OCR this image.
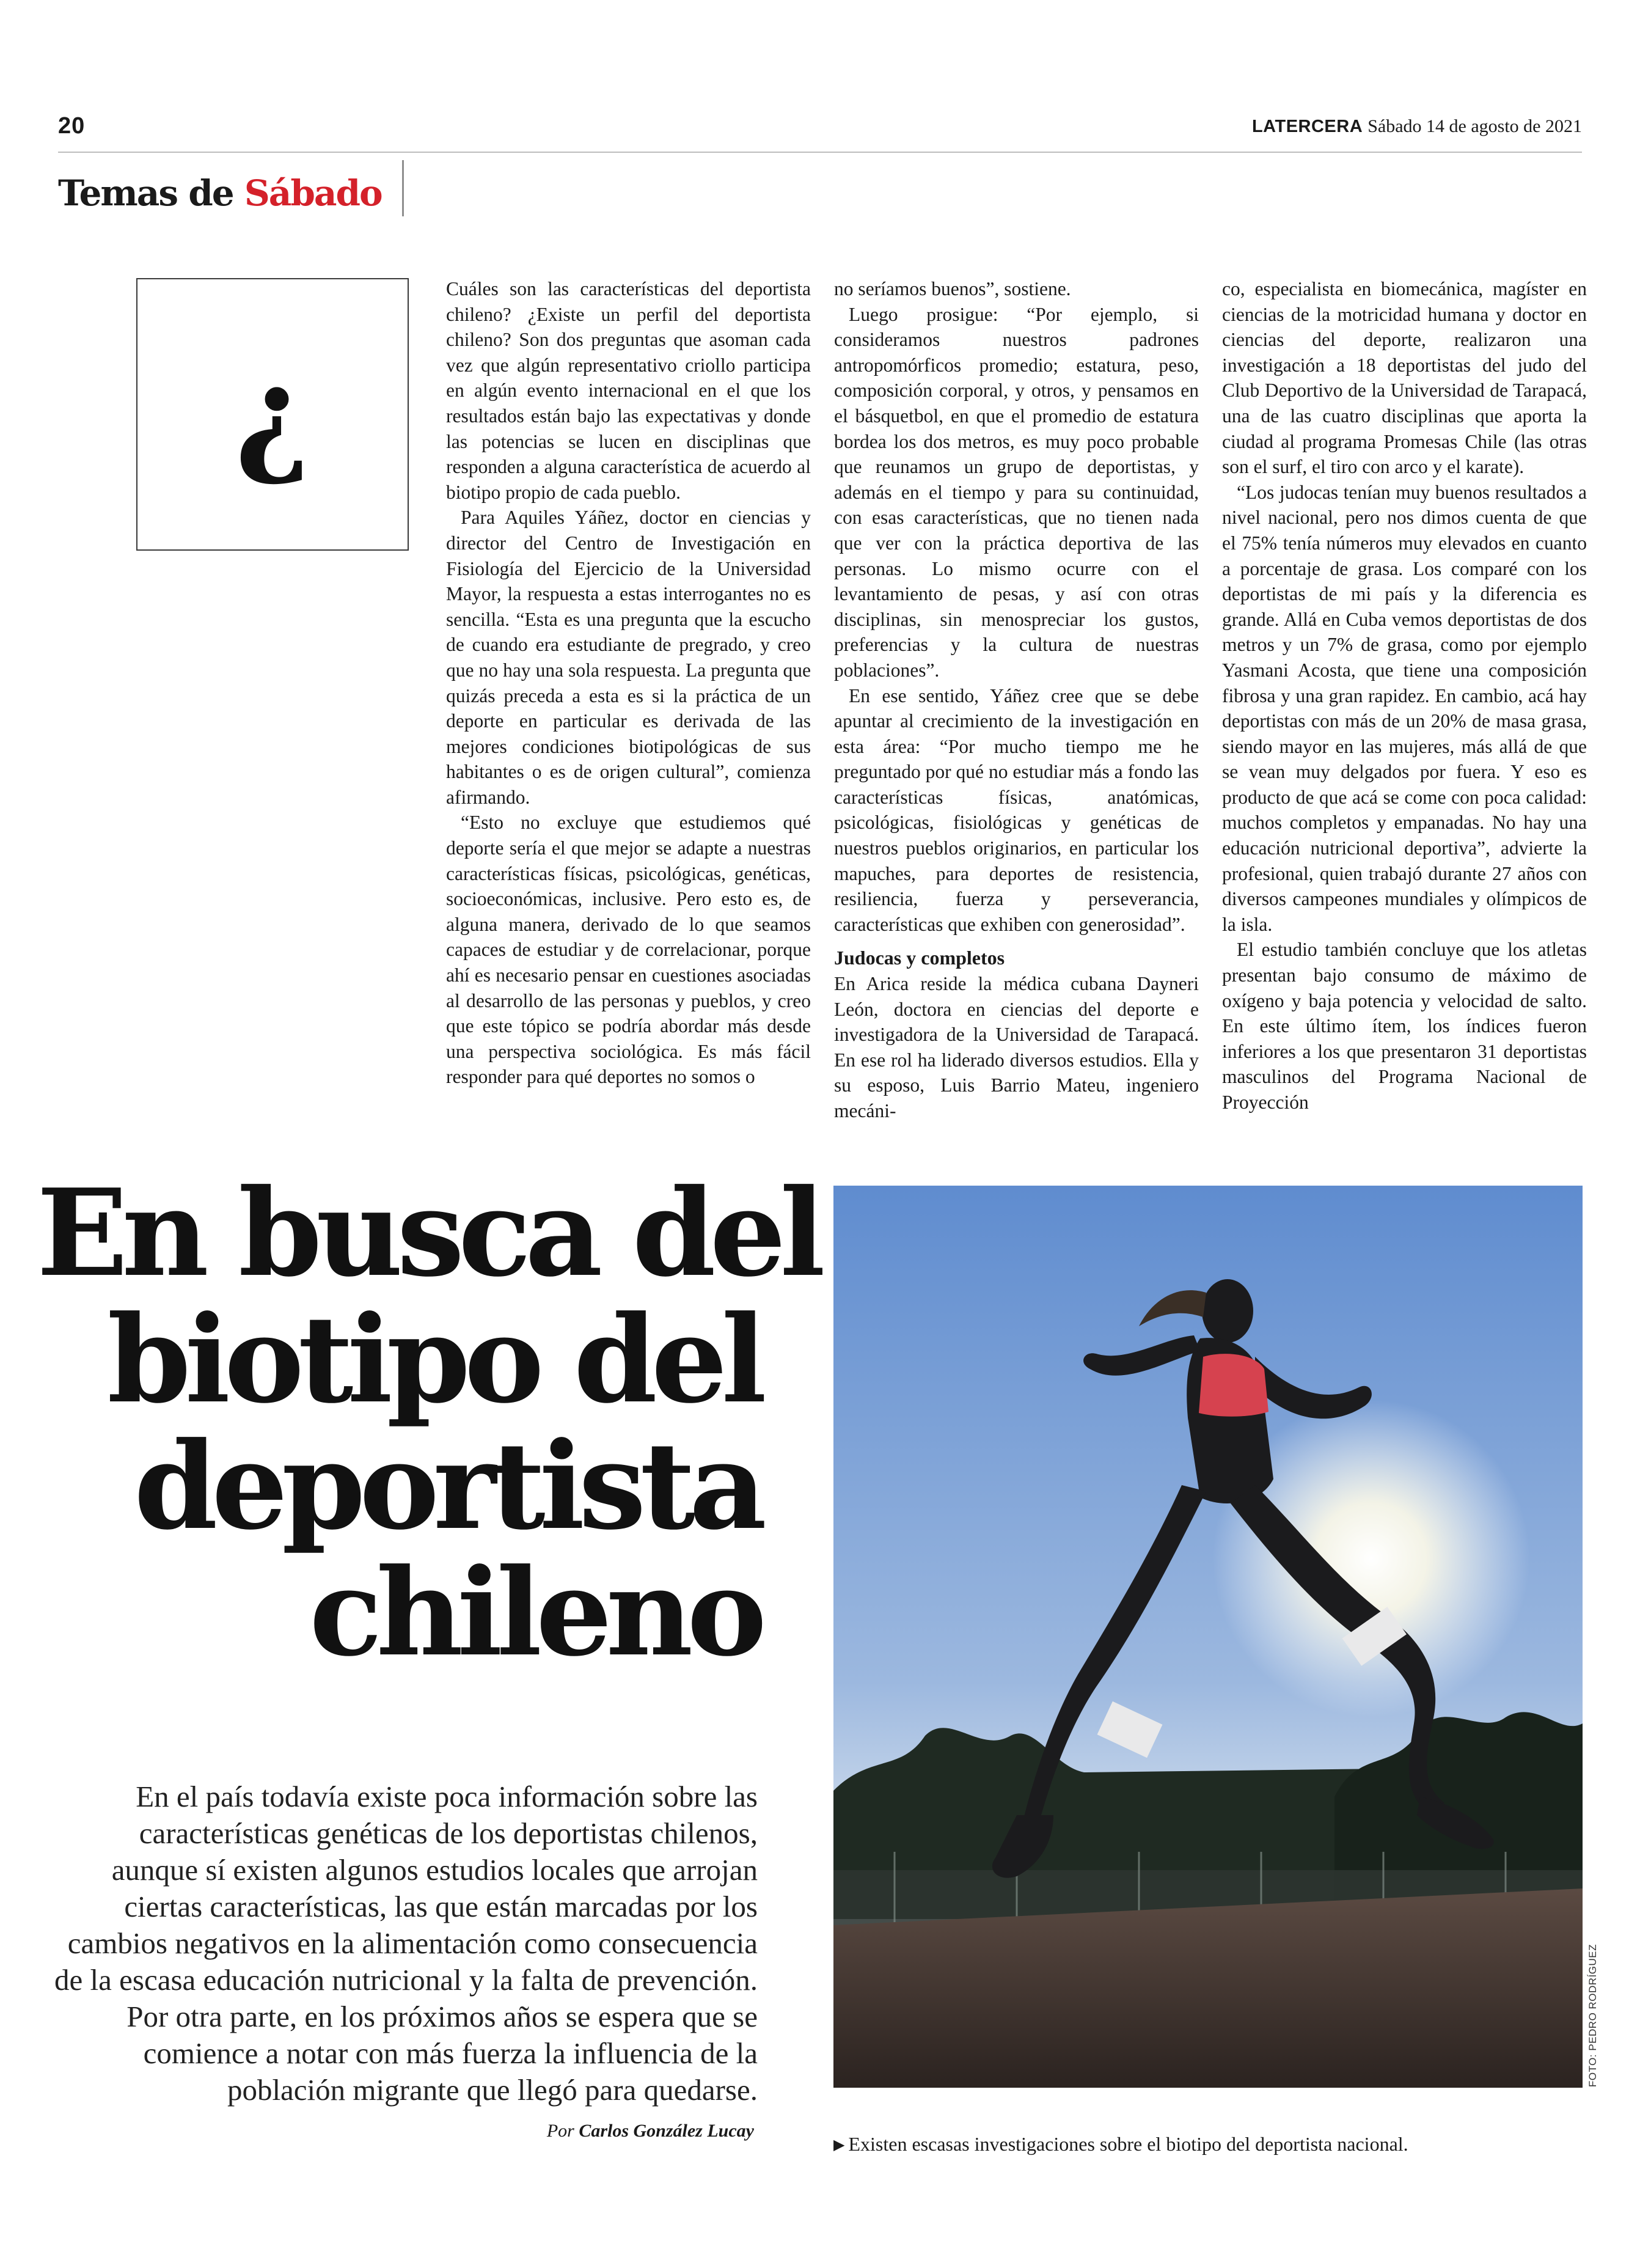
20	LATERCERA Sábado 14 de agosto de 2021
Temas de Sábado
¿

Cuáles son las características del deportista chileno? ¿Existe un perfil del deportista chileno? Son dos preguntas que asoman cada vez que algún representativo criollo participa en algún evento internacional en el que los resultados están bajo las expectativas y donde las potencias se lucen en disciplinas que responden a alguna característica de acuerdo al biotipo propio de cada pueblo.

Para Aquiles Yáñez, doctor en ciencias y director del Centro de Investigación en Fisiología del Ejercicio de la Universidad Mayor, la respuesta a estas interrogantes no es sencilla. “Esta es una pregunta que la escucho de cuando era estudiante de pregrado, y creo que no hay una sola respuesta. La pregunta que quizás preceda a esta es si la práctica de un deporte en particular es derivada de las mejores condiciones biotipológicas de sus habitantes o es de origen cultural”, comienza afirmando.

“Esto no excluye que estudiemos qué deporte sería el que mejor se adapte a nuestras características físicas, psicológicas, genéticas, socioeconómicas, inclusive. Pero esto es, de alguna manera, derivado de lo que seamos capaces de estudiar y de correlacionar, porque ahí es necesario pensar en cuestiones asociadas al desarrollo de las personas y pueblos, y creo que este tópico se podría abordar más desde una perspectiva sociológica. Es más fácil responder para qué deportes no somos o

no seríamos buenos”, sostiene.

Luego prosigue: “Por ejemplo, si consideramos nuestros padrones antropomórficos promedio; estatura, peso, composición corporal, y otros, y pensamos en el básquetbol, en que el promedio de estatura bordea los dos metros, es muy poco probable que reunamos un grupo de deportistas, y además en el tiempo y para su continuidad, con esas características, que no tienen nada que ver con la práctica deportiva de las personas. Lo mismo ocurre con el levantamiento de pesas, y así con otras disciplinas, sin menospreciar los gustos, preferencias y la cultura de nuestras poblaciones”.

En ese sentido, Yáñez cree que se debe apuntar al crecimiento de la investigación en esta área: “Por mucho tiempo me he preguntado por qué no estudiar más a fondo las características físicas, anatómicas, psicológicas, fisiológicas y genéticas de nuestros pueblos originarios, en particular los mapuches, para deportes de resistencia, resiliencia, fuerza y perseverancia, características que exhiben con generosidad”.

Judocas y completos

En Arica reside la médica cubana Dayneri León, doctora en ciencias del deporte e investigadora de la Universidad de Tarapacá. En ese rol ha liderado diversos estudios. Ella y su esposo, Luis Barrio Mateu, ingeniero mecáni-

co, especialista en biomecánica, magíster en ciencias de la motricidad humana y doctor en ciencias del deporte, realizaron una investigación a 18 deportistas del judo del Club Deportivo de la Universidad de Tarapacá, una de las cuatro disciplinas que aporta la ciudad al programa Promesas Chile (las otras son el surf, el tiro con arco y el karate).

“Los judocas tenían muy buenos resultados a nivel nacional, pero nos dimos cuenta de que el 75% tenía números muy elevados en cuanto a porcentaje de grasa. Los comparé con los deportistas de mi país y la diferencia es grande. Allá en Cuba vemos deportistas de dos metros y un 7% de grasa, como por ejemplo Yasmani Acosta, que tiene una composición fibrosa y una gran rapidez. En cambio, acá hay deportistas con más de un 20% de masa grasa, siendo mayor en las mujeres, más allá de que se vean muy delgados por fuera. Y eso es producto de que acá se come con poca calidad: muchos completos y empanadas. No hay una educación nutricional deportiva”, advierte la profesional, quien trabajó durante 27 años con diversos campeones mundiales y olímpicos de la isla.

El estudio también concluye que los atletas presentan bajo consumo de máximo de oxígeno y baja potencia y velocidad de salto. En este último ítem, los índices fueron inferiores a los que presentaron 31 deportistas masculinos del Programa Nacional de Proyección

En busca del
biotipo del
deportista
chileno
En el país todavía existe poca información sobre las características genéticas de los deportistas chilenos, aunque sí existen algunos estudios locales que arrojan ciertas características, las que están marcadas por los cambios negativos en la alimentación como consecuencia de la escasa educación nutricional y la falta de prevención. Por otra parte, en los próximos años se espera que se comience a notar con más fuerza la influencia de la población migrante que llegó para quedarse.
Por Carlos González Lucay
FOTO: PEDRO RODRÍGUEZ
▶ Existen escasas investigaciones sobre el biotipo del deportista nacional.
